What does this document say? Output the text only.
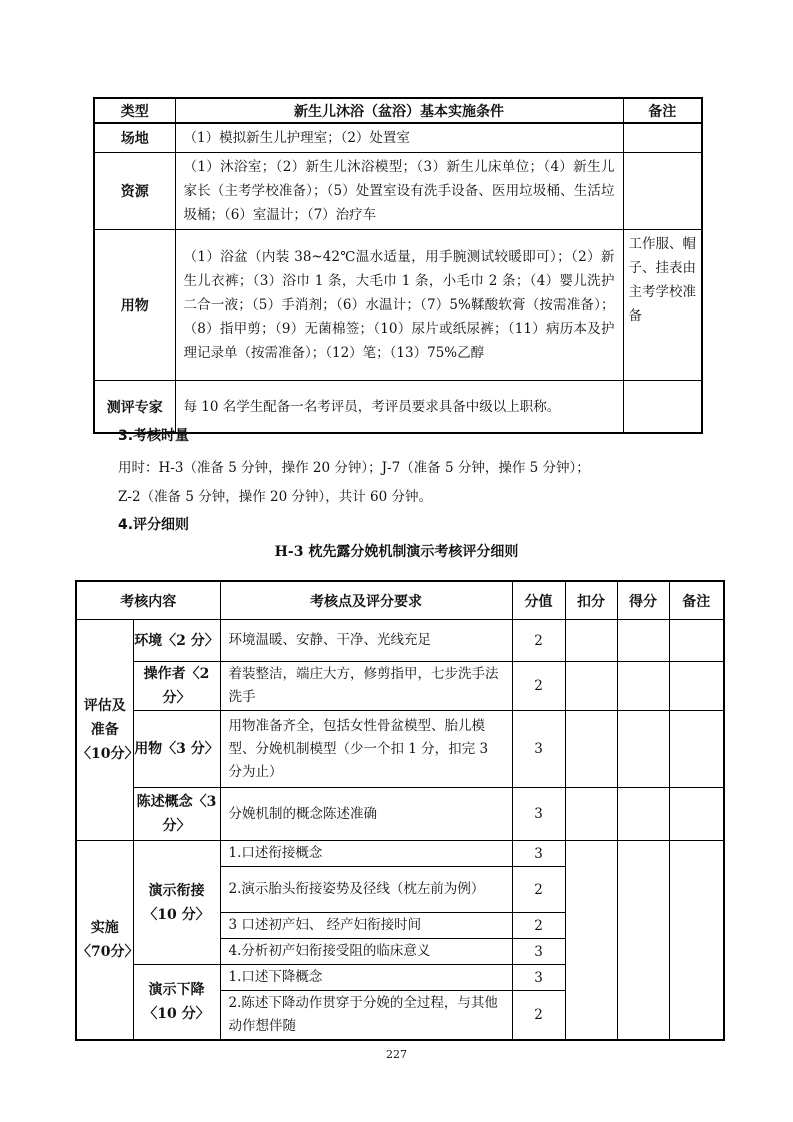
类型	新生儿沐浴（盆浴）基本实施条件	备注
场地	（1）模拟新生儿护理室；（2）处置室	
资源	（1）沐浴室；（2）新生儿沐浴模型；（3）新生儿床单位；（4）新生儿家长（主考学校准备）；（5）处置室设有洗手设备、医用垃圾桶、生活垃圾桶；（6）室温计；（7）治疗车	
用物	（1）浴盆（内装 38~42℃温水适量，用手腕测试较暖即可）；（2）新生儿衣裤；（3）浴巾 1 条，大毛巾 1 条，小毛巾 2 条；（4）婴儿洗护二合一液；（5）手消剂；（6）水温计；（7）5%鞣酸软膏（按需准备）；（8）指甲剪；（9）无菌棉签；（10）尿片或纸尿裤；（11）病历本及护理记录单（按需准备）；（12）笔；（13）75%乙醇	工作服、帽子、挂表由主考学校准备
测评专家	每 10 名学生配备一名考评员，考评员要求具备中级以上职称。	
3.考核时量
用时：H-3（准备 5 分钟，操作 20 分钟）；J-7（准备 5 分钟，操作 5 分钟）；
Z-2（准备 5 分钟，操作 20 分钟），共计 60 分钟。
4.评分细则
H-3 枕先露分娩机制演示考核评分细则
考核内容		考核点及评分要求	分值	扣分	得分	备注
评估及准备〈10分〉	环境〈2 分〉	环境温暖、安静、干净、光线充足	2			
	操作者〈2 分〉	着装整洁，端庄大方，修剪指甲，七步洗手法洗手	2			
	用物〈3 分〉	用物准备齐全，包括女性骨盆模型、胎儿模型、分娩机制模型（少一个扣 1 分，扣完 3 分为止）	3			
	陈述概念〈3 分〉	分娩机制的概念陈述准确	3			
实施〈70分〉	演示衔接〈10 分〉	1.口述衔接概念	3			
		2.演示胎头衔接姿势及径线（枕左前为例）	2			
		3 口述初产妇、 经产妇衔接时间	2			
		4.分析初产妇衔接受阻的临床意义	3			
	演示下降〈10 分〉	1.口述下降概念	3			
		2.陈述下降动作贯穿于分娩的全过程，与其他动作想伴随	2			
227
